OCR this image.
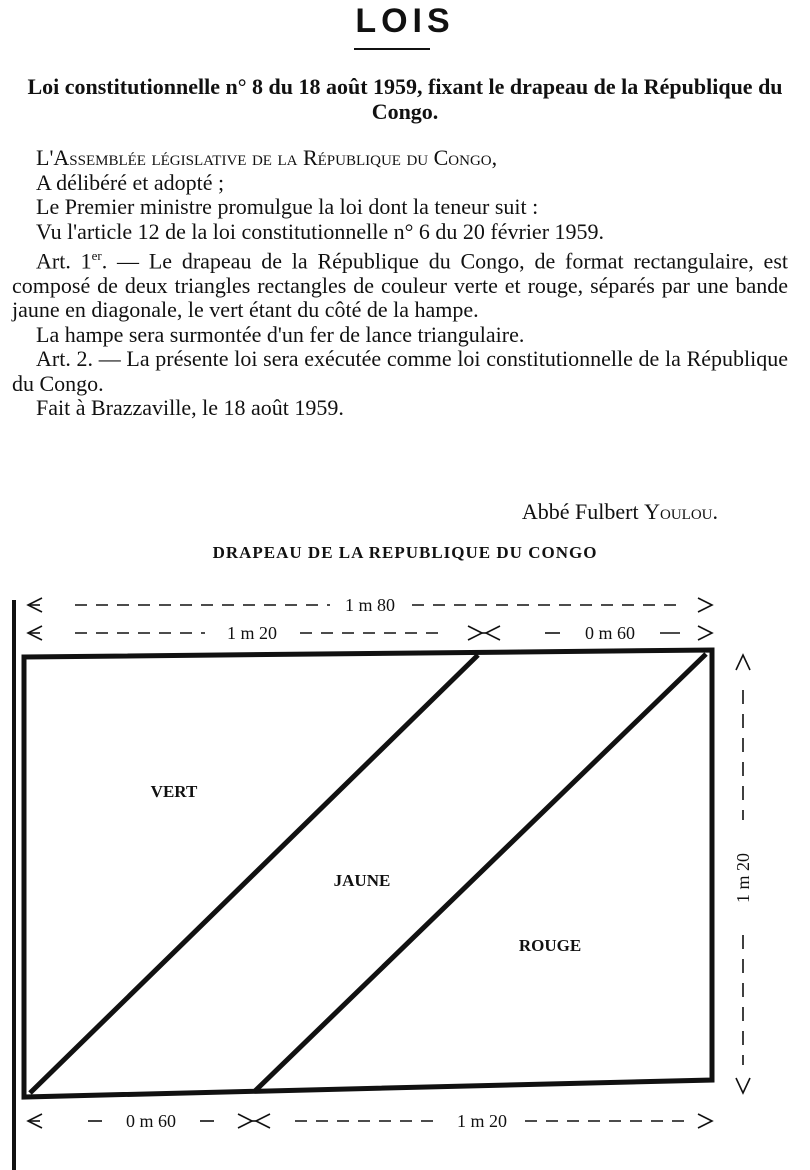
LOIS
Loi constitutionnelle n° 8 du 18 août 1959, fixant le drapeau de la République du Congo.

L'Assemblée législative de la République du Congo,

A délibéré et adopté ;

Le Premier ministre promulgue la loi dont la teneur suit :

Vu l'article 12 de la loi constitutionnelle n° 6 du 20 février 1959.

Art. 1er. — Le drapeau de la République du Congo, de format rectangulaire, est composé de deux triangles rectangles de couleur verte et rouge, séparés par une bande jaune en diagonale, le vert étant du côté de la hampe.

La hampe sera surmontée d'un fer de lance triangulaire.

Art. 2. — La présente loi sera exécutée comme loi constitutionnelle de la République du Congo.

Fait à Brazzaville, le 18 août 1959.

Abbé Fulbert Youlou.
DRAPEAU DE LA REPUBLIQUE DU CONGO
1 m 80
1 m 20	0 m 60
1 m 20
0 m 60	1 m 20
VERT
JAUNE
ROUGE
